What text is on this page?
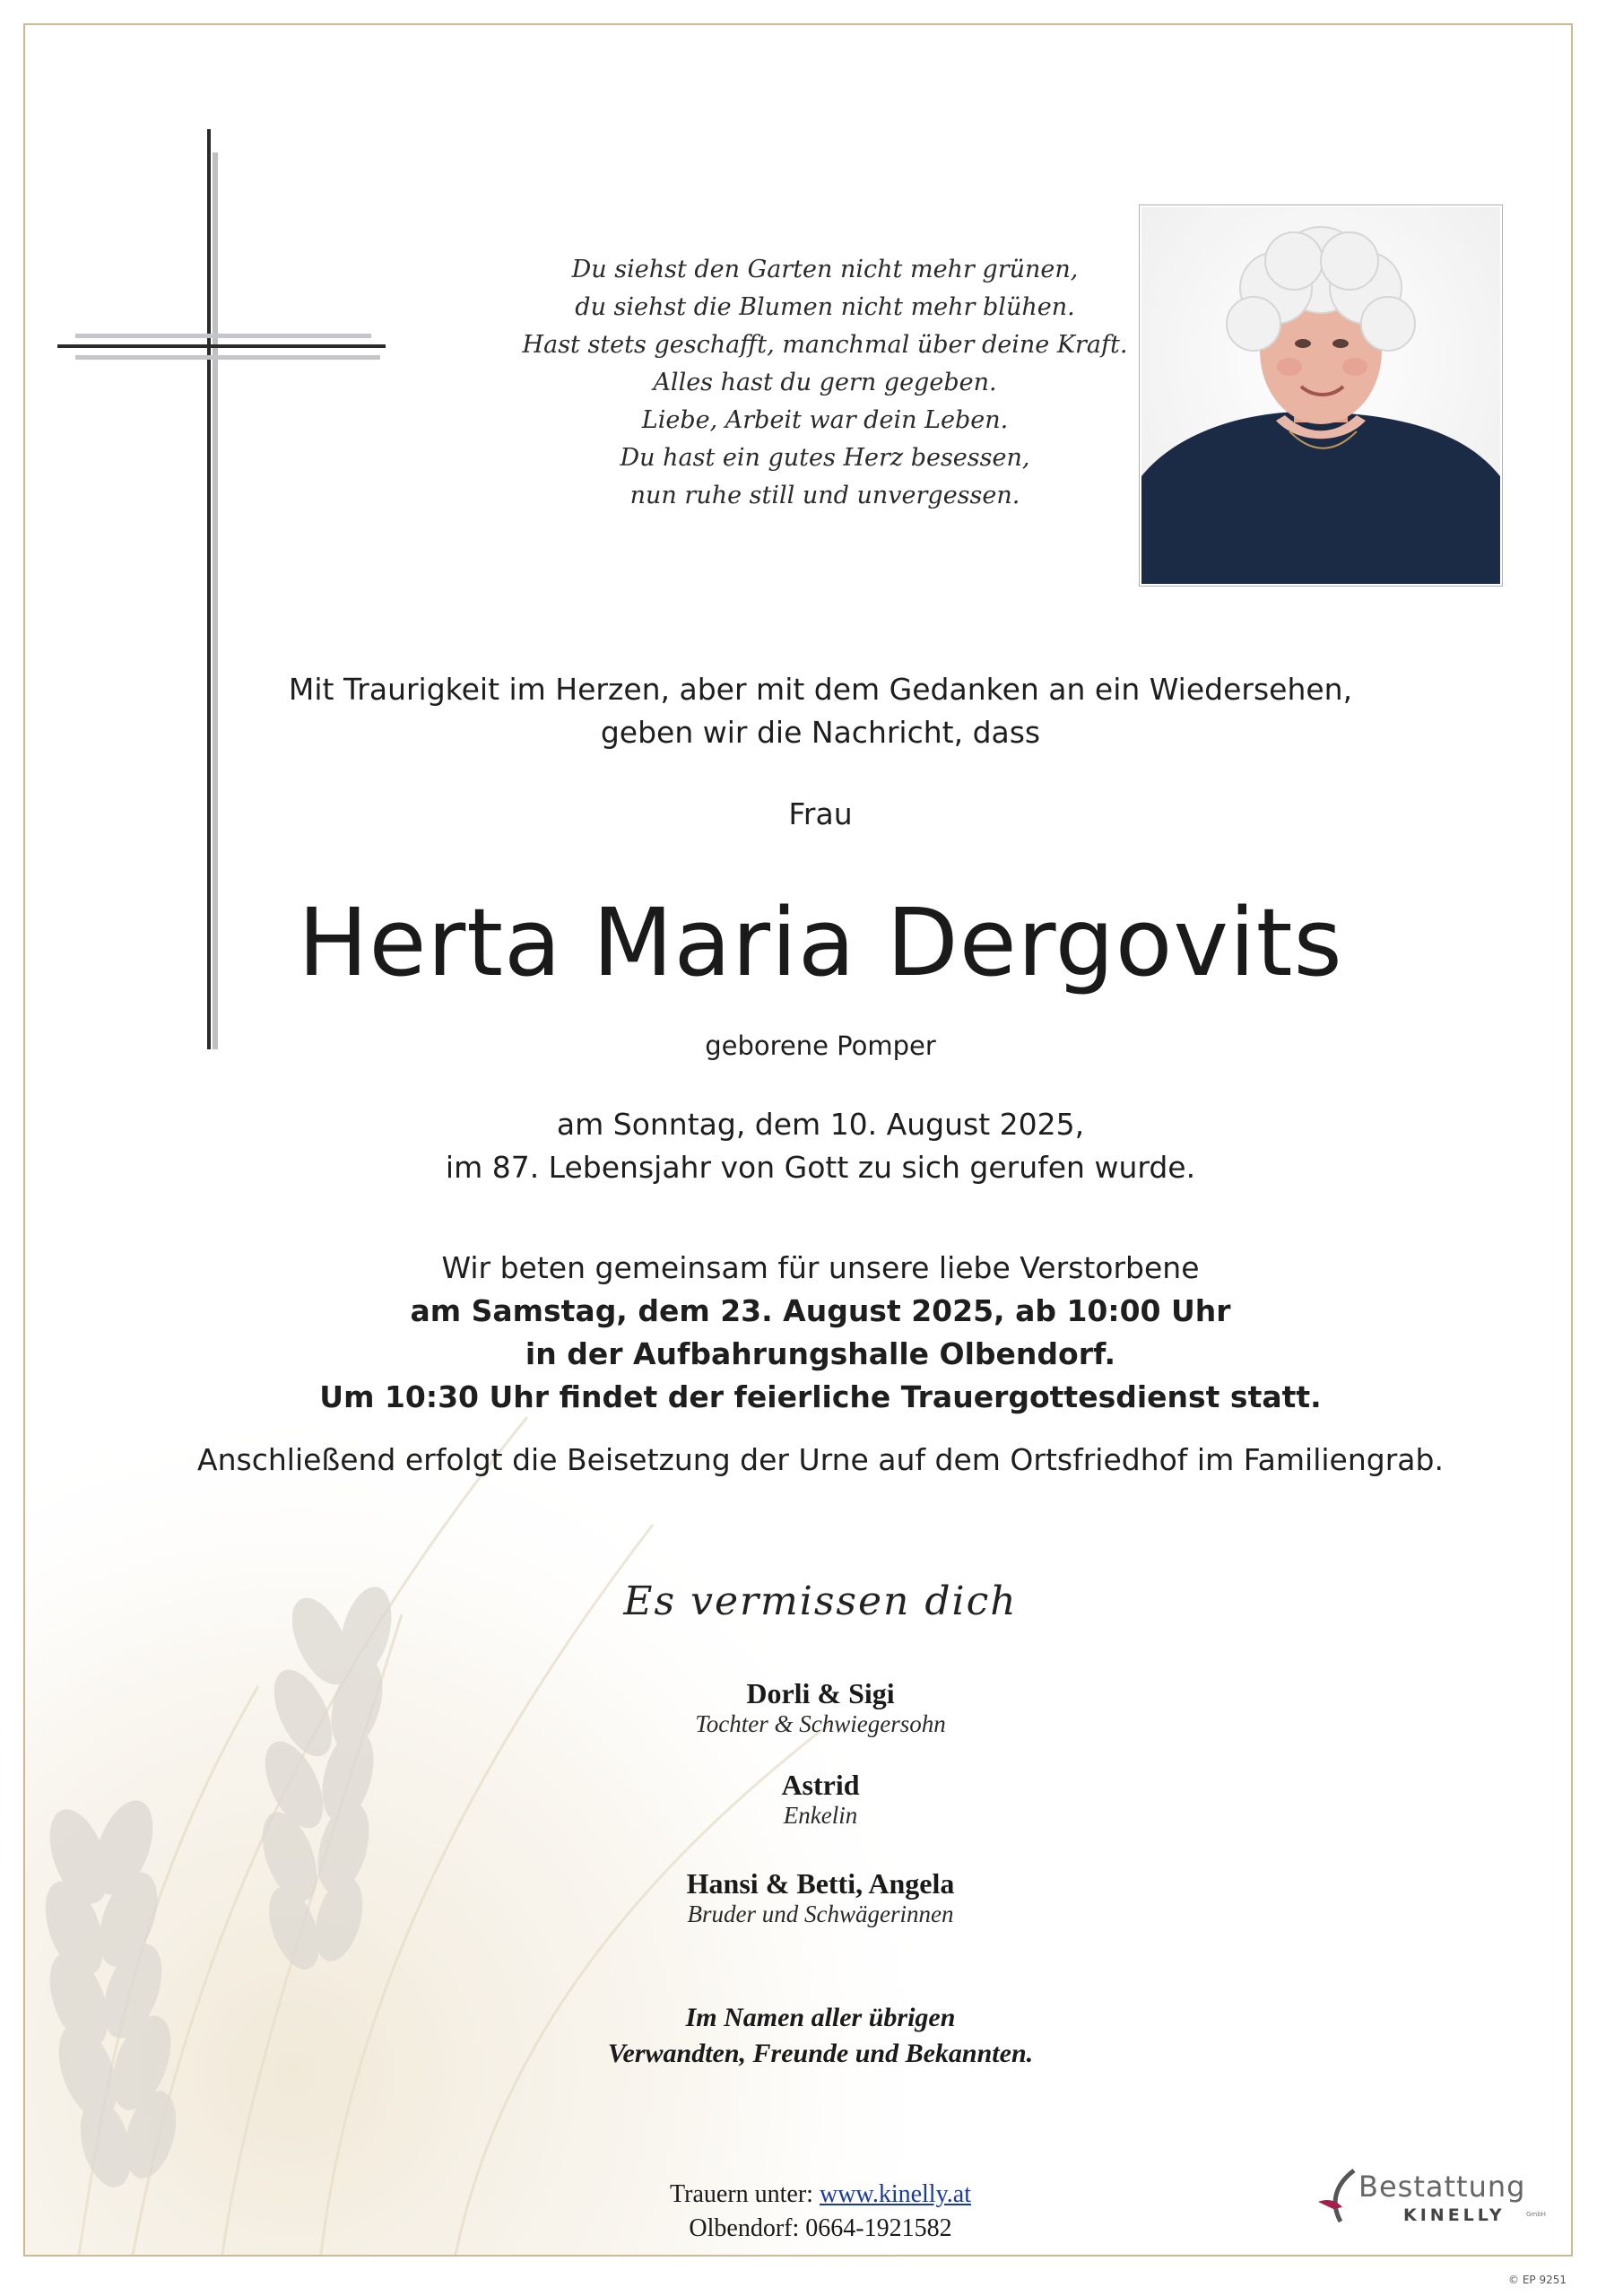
Du siehst den Garten nicht mehr grünen,
du siehst die Blumen nicht mehr blühen.
Hast stets geschafft, manchmal über deine Kraft.
Alles hast du gern gegeben.
Liebe, Arbeit war dein Leben.
Du hast ein gutes Herz besessen,
nun ruhe still und unvergessen.
Mit Traurigkeit im Herzen, aber mit dem Gedanken an ein Wiedersehen,
geben wir die Nachricht, dass
Frau
Herta Maria Dergovits
geborene Pomper
am Sonntag, dem 10. August 2025,
im 87. Lebensjahr von Gott zu sich gerufen wurde.
Wir beten gemeinsam für unsere liebe Verstorbene
am Samstag, dem 23. August 2025, ab 10:00 Uhr
in der Aufbahrungshalle Olbendorf.
Um 10:30 Uhr findet der feierliche Trauergottesdienst statt.
Anschließend erfolgt die Beisetzung der Urne auf dem Ortsfriedhof im Familiengrab.
Es vermissen dich
Dorli & Sigi
Tochter & Schwiegersohn
Astrid
Enkelin
Hansi & Betti, Angela
Bruder und Schwägerinnen
Im Namen aller übrigen
Verwandten, Freunde und Bekannten.
Trauern unter: www.kinelly.at
Olbendorf: 0664-1921582
Bestattung
KINELLY	GmbH
© EP 9251
